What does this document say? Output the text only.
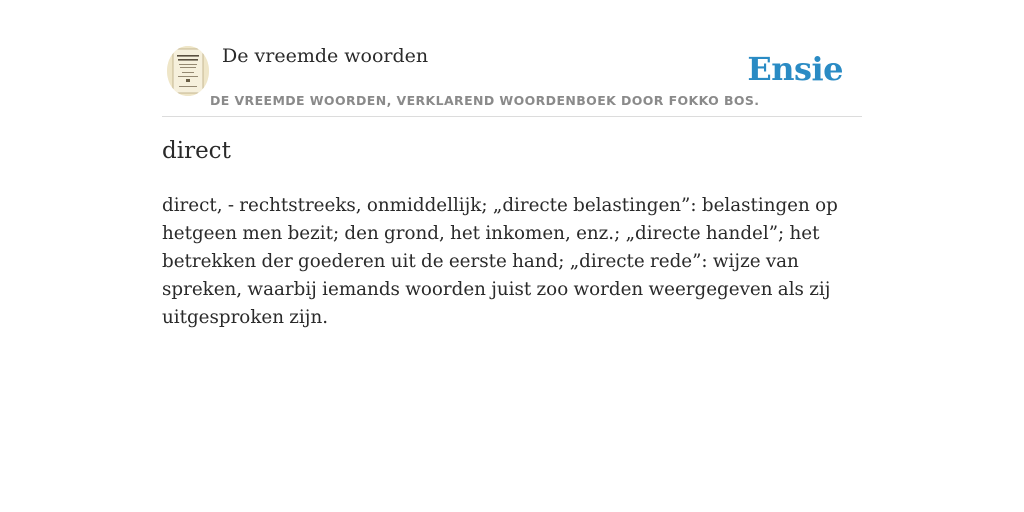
De vreemde woorden
DE VREEMDE WOORDEN, VERKLAREND WOORDENBOEK DOOR FOKKO BOS.
Ensie
direct

direct, - rechtstreeks, onmiddellijk; „directe belastingen”: belastingen op hetgeen men bezit; den grond, het inkomen, enz.; „directe handel”; het betrekken der goederen uit de eerste hand; „directe rede”: wijze van spreken, waarbij iemands woorden juist zoo worden weergegeven als zij uitgesproken zijn.
